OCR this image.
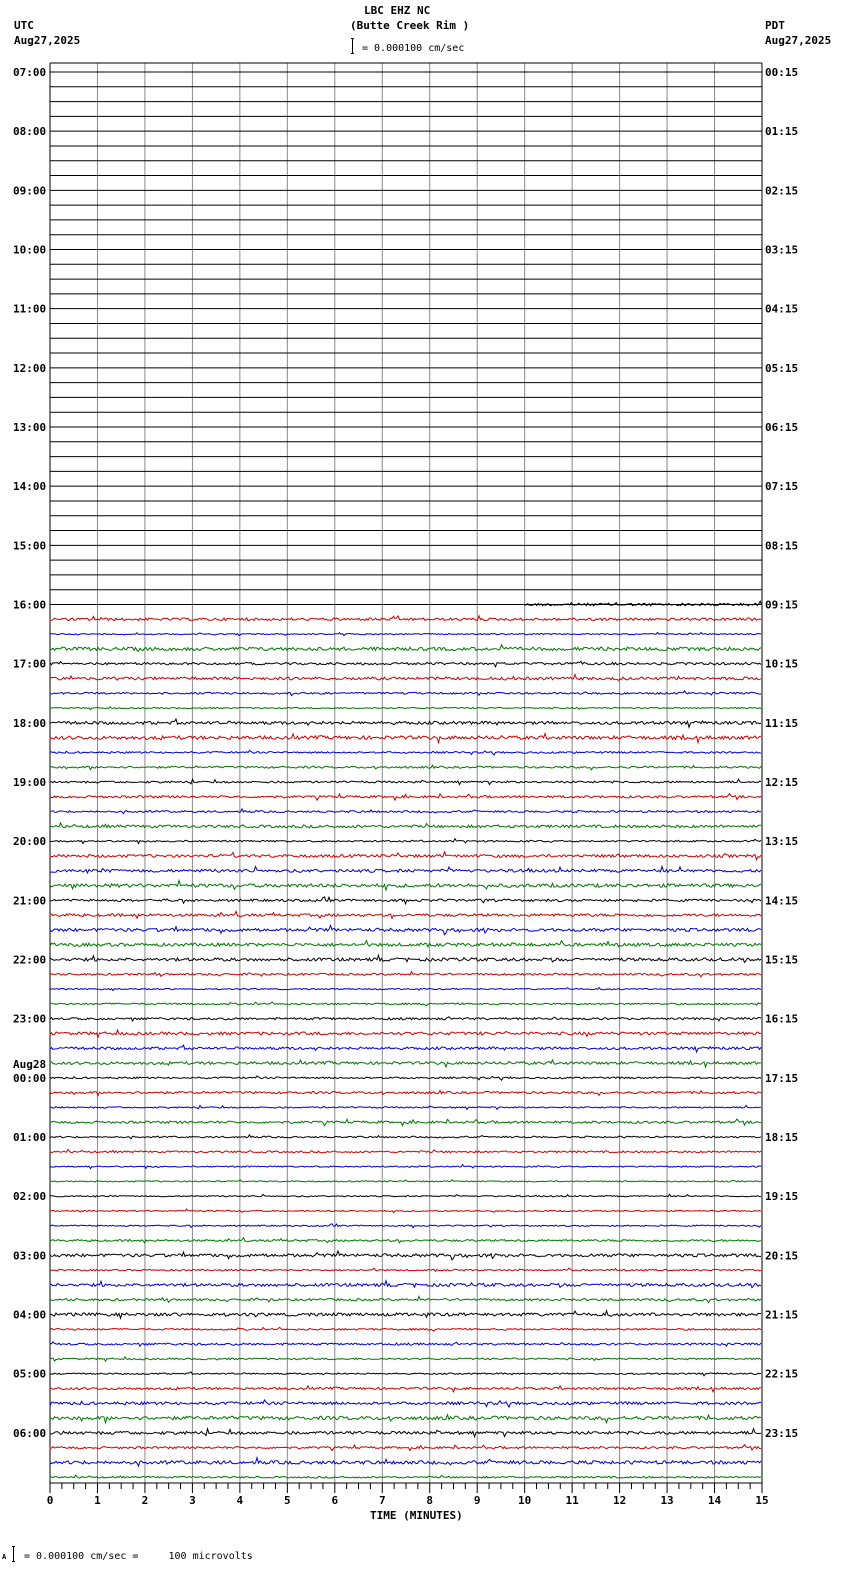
LBC EHZ NC
(Butte Creek Rim )
= 0.000100 cm/sec
UTC
Aug27,2025
PDT
Aug27,2025
0	1	2	3	4	5	6	7	8	9	10	11	12	13	14	15
07:00
08:00
09:00
10:00
11:00
12:00
13:00
14:00
15:00
16:00
17:00
18:00
19:00
20:00
21:00
22:00
23:00
00:00
01:00
02:00
03:00
04:00
05:00
06:00
00:15
01:15
02:15
03:15
04:15
05:15
06:15
07:15
08:15
09:15
10:15
11:15
12:15
13:15
14:15
15:15
16:15
17:15
18:15
19:15
20:15
21:15
22:15
23:15
Aug28
TIME (MINUTES)
A = 0.000100 cm/sec =     100 microvolts
